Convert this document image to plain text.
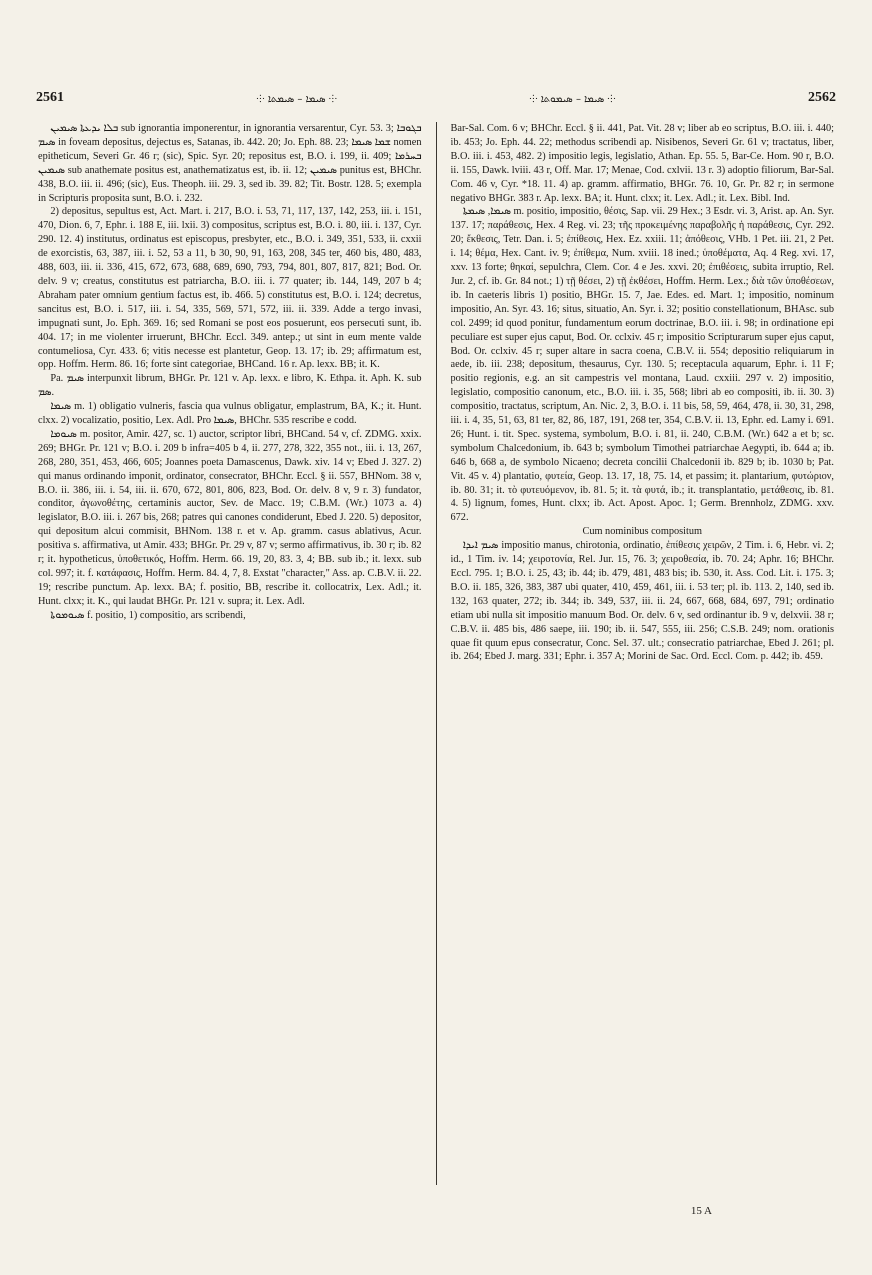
2561	⸭ ܣܝܡܐ – ܣܝܡܬܐ ⸭	⸭ ܣܝܡܐ – ܣܝܡܘܬܐ ⸭	2562

ܒܠܐ ܝܕܥܬܐ ܣܝܡܝܢ sub ignorantia imponerentur, in ignorantia versarentur, Cyr. 53. 3; ܒܓܘܒܐ ܣܝܡ in foveam depositus, dejectus es, Satanas, ib. 442. 20; Jo. Eph. 88. 23; ܫܡܐ ܣܝܡܐ nomen epitheticum, Severi Gr. 46 r; (sic), Spic. Syr. 20; repositus est, B.O. i. 199, ii. 409; ܒܚܪܡܐ ܣܝܡܝܢ sub anathemate positus est, anathematizatus est, ib. ii. 12; ܣܝܡܝܢ punitus est, BHChr. 438, B.O. iii. ii. 496; (sic), Eus. Theoph. iii. 29. 3, sed ib. 39. 82; Tit. Bostr. 128. 5; exempla in Scripturis proposita sunt, B.O. i. 232.

2) depositus, sepultus est, Act. Mart. i. 217, B.O. i. 53, 71, 117, 137, 142, 253, iii. i. 151, 470, Dion. 6, 7, Ephr. i. 188 E, iii. lxii. 3) compositus, scriptus est, B.O. i. 80, iii. i. 137, Cyr. 290. 12. 4) institutus, ordinatus est episcopus, presbyter, etc., B.O. i. 349, 351, 533, ii. cxxii de exorcistis, 63, 387, iii. i. 52, 53 a 11, b 30, 90, 91, 163, 208, 345 ter, 460 bis, 480, 483, 488, 603, iii. ii. 336, 415, 672, 673, 688, 689, 690, 793, 794, 801, 807, 817, 821; Bod. Or. delv. 9 v; creatus, constitutus est patriarcha, B.O. iii. i. 77 quater; ib. 144, 149, 207 b 4; Abraham pater omnium gentium factus est, ib. 466. 5) constitutus est, B.O. i. 124; decretus, sancitus est, B.O. i. 517, iii. i. 54, 335, 569, 571, 572, iii. ii. 339. Adde a tergo invasi, impugnati sunt, Jo. Eph. 369. 16; sed Romani se post eos posuerunt, eos persecuti sunt, ib. 404. 17; in me violenter irruerunt, BHChr. Eccl. 349. antep.; ut sint in eum mente valde contumeliosa, Cyr. 433. 6; vitis necesse est plantetur, Geop. 13. 17; ib. 29; affirmatum est, opp. Hoffm. Herm. 86. 16; forte sint categoriae, BHCand. 16 r. Ap. lexx. BB; it. K.

Pa. ܣܝܡ interpunxit librum, BHGr. Pr. 121 v. Ap. lexx. e libro, K. Ethpa. it. Aph. K. sub ܣܡ.

ܣܝܡܐ m. 1) obligatio vulneris, fascia qua vulnus obligatur, emplastrum, BA, K.; it. Hunt. clxx. 2) vocalizatio, positio, Lex. Adl. Pro ܣܝܡܐ, BHChr. 535 rescribe e codd.

ܣܝܘܡܐ m. positor, Amir. 427, sc. 1) auctor, scriptor libri, BHCand. 54 v, cf. ZDMG. xxix. 269; BHGr. Pr. 121 v; B.O. i. 209 b infra=405 b 4, ii. 277, 278, 322, 355 not., iii. i. 13, 267, 268, 280, 351, 453, 466, 605; Joannes poeta Damascenus, Dawk. xiv. 14 v; Ebed J. 327. 2) qui manus ordinando imponit, ordinator, consecrator, BHChr. Eccl. § ii. 557, BHNom. 38 v, B.O. ii. 386, iii. i. 54, iii. ii. 670, 672, 801, 806, 823, Bod. Or. delv. 8 v, 9 r. 3) fundator, conditor, ἀγωνοθέτης, certaminis auctor, Sev. de Macc. 19; C.B.M. (Wr.) 1073 a. 4) legislator, B.O. iii. i. 267 bis, 268; patres qui canones condiderunt, Ebed J. 220. 5) depositor, qui depositum alcui commisit, BHNom. 138 r. et v. Ap. gramm. casus ablativus, Acur. positiva s. affirmativa, ut Amir. 433; BHGr. Pr. 29 v, 87 v; sermo affirmativus, ib. 30 r; ib. 82 r; it. hypotheticus, ὑποθετικός, Hoffm. Herm. 66. 19, 20, 83. 3, 4; BB. sub ib.; it. lexx. sub col. 997; it. f. κατάφασις, Hoffm. Herm. 84. 4, 7, 8. Exstat "character," Ass. ap. C.B.V. ii. 22. 19; rescribe punctum. Ap. lexx. BA; f. positio, BB, rescribe it. collocatrix, Lex. Adl.; it. Hunt. clxx; it. K., qui laudat BHGr. Pr. 121 v. supra; it. Lex. Adl.

ܣܝܘܡܘܬܐ f. positio, 1) compositio, ars scribendi,

Bar-Sal. Com. 6 v; BHChr. Eccl. § ii. 441, Pat. Vit. 28 v; liber ab eo scriptus, B.O. iii. i. 440; ib. 453; Jo. Eph. 44. 22; methodus scribendi ap. Nisibenos, Severi Gr. 61 v; tractatus, liber, B.O. iii. i. 453, 482. 2) impositio legis, legislatio, Athan. Ep. 55. 5, Bar-Ce. Hom. 90 r, B.O. ii. 155, Dawk. lviii. 43 r, Off. Mar. 17; Menae, Cod. cxlvii. 13 r. 3) adoptio filiorum, Bar-Sal. Com. 46 v, Cyr. *18. 11. 4) ap. gramm. affirmatio, BHGr. 76. 10, Gr. Pr. 82 r; in sermone negativo BHGr. 383 r. Ap. lexx. BA; it. Hunt. clxx; it. Lex. Adl.; it. Lex. Bibl. Ind.

ܣܝܡܐ, ܣܝܡܬܐ m. positio, impositio, θέσις, Sap. vii. 29 Hex.; 3 Esdr. vi. 3, Arist. ap. An. Syr. 137. 17; παράθεσις, Hex. 4 Reg. vi. 23; τῆς προκειμένης παραβολῆς ἡ παράθεσις, Cyr. 292. 20; ἔκθεσις, Tetr. Dan. i. 5; ἐπίθεσις, Hex. Ez. xxiii. 11; ἀπόθεσις, VHb. 1 Pet. iii. 21, 2 Pet. i. 14; θέμα, Hex. Cant. iv. 9; ἐπίθεμα, Num. xviii. 18 ined.; ὑποθέματα, Aq. 4 Reg. xvi. 17, xxv. 13 forte; θηκαί, sepulchra, Clem. Cor. 4 e Jes. xxvi. 20; ἐπιθέσεις, subita irruptio, Rel. Jur. 2, cf. ib. Gr. 84 not.; 1) τῇ θέσει, 2) τῇ ἐκθέσει, Hoffm. Herm. Lex.; διὰ τῶν ὑποθέσεων, ib. In caeteris libris 1) positio, BHGr. 15. 7, Jae. Edes. ed. Mart. 1; impositio, nominum impositio, An. Syr. 43. 16; situs, situatio, An. Syr. i. 32; positio constellationum, BHAsc. sub col. 2499; id quod ponitur, fundamentum eorum doctrinae, B.O. iii. i. 98; in ordinatione epi peculiare est super ejus caput, Bod. Or. cclxiv. 45 r; impositio Scripturarum super ejus caput, Bod. Or. cclxiv. 45 r; super altare in sacra coena, C.B.V. ii. 554; depositio reliquiarum in aede, ib. iii. 238; depositum, thesaurus, Cyr. 130. 5; receptacula aquarum, Ephr. i. 11 F; positio regionis, e.g. an sit campestris vel montana, Laud. cxxiii. 297 v. 2) impositio, legislatio, compositio canonum, etc., B.O. iii. i. 35, 568; libri ab eo compositi, ib. ii. 30. 3) compositio, tractatus, scriptum, An. Nic. 2, 3, B.O. i. 11 bis, 58, 59, 464, 478, ii. 30, 31, 298, iii. i. 4, 35, 51, 63, 81 ter, 82, 86, 187, 191, 268 ter, 354, C.B.V. ii. 13, Ephr. ed. Lamy i. 691. 26; Hunt. i. tit. Spec. systema, symbolum, B.O. i. 81, ii. 240, C.B.M. (Wr.) 642 a et b; sc. symbolum Chalcedonium, ib. 643 b; symbolum Timothei patriarchae Aegypti, ib. 644 a; ib. 646 b, 668 a, de symbolo Nicaeno; decreta concilii Chalcedonii ib. 829 b; ib. 1030 b; Pat. Vit. 45 v. 4) plantatio, φυτεία, Geop. 13. 17, 18, 75. 14, et passim; it. plantarium, φυτώριον, ib. 80. 31; it. τὸ φυτευόμενον, ib. 81. 5; it. τὰ φυτά, ib.; it. transplantatio, μετάθεσις, ib. 81. 4. 5) lignum, fomes, Hunt. clxx; ib. Act. Apost. Apoc. 1; Germ. Brennholz, ZDMG. xxv. 672.

Cum nominibus compositum

ܣܝܡ ܐܝܕܐ impositio manus, chirotonia, ordinatio, ἐπίθεσις χειρῶν, 2 Tim. i. 6, Hebr. vi. 2; id., 1 Tim. iv. 14; χειροτονία, Rel. Jur. 15, 76. 3; χειροθεσία, ib. 70. 24; Aphr. 16; BHChr. Eccl. 795. 1; B.O. i. 25, 43; ib. 44; ib. 479, 481, 483 bis; ib. 530, it. Ass. Cod. Lit. i. 175. 3; B.O. ii. 185, 326, 383, 387 ubi quater, 410, 459, 461, iii. i. 53 ter; pl. ib. 113. 2, 140, sed ib. 132, 163 quater, 272; ib. 344; ib. 349, 537, iii. ii. 24, 667, 668, 684, 697, 791; ordinatio etiam ubi nulla sit impositio manuum Bod. Or. delv. 6 v, sed ordinantur ib. 9 v, delxvii. 38 r; C.B.V. ii. 485 bis, 486 saepe, iii. 190; ib. ii. 547, 555, iii. 256; C.S.B. 249; nom. orationis quae fit quum epus consecratur, Conc. Sel. 37. ult.; consecratio patriarchae, Ebed J. 261; pl. ib. 264; Ebed J. marg. 331; Ephr. i. 357 A; Morini de Sac. Ord. Eccl. Com. p. 442; ib. 459.

15 A
